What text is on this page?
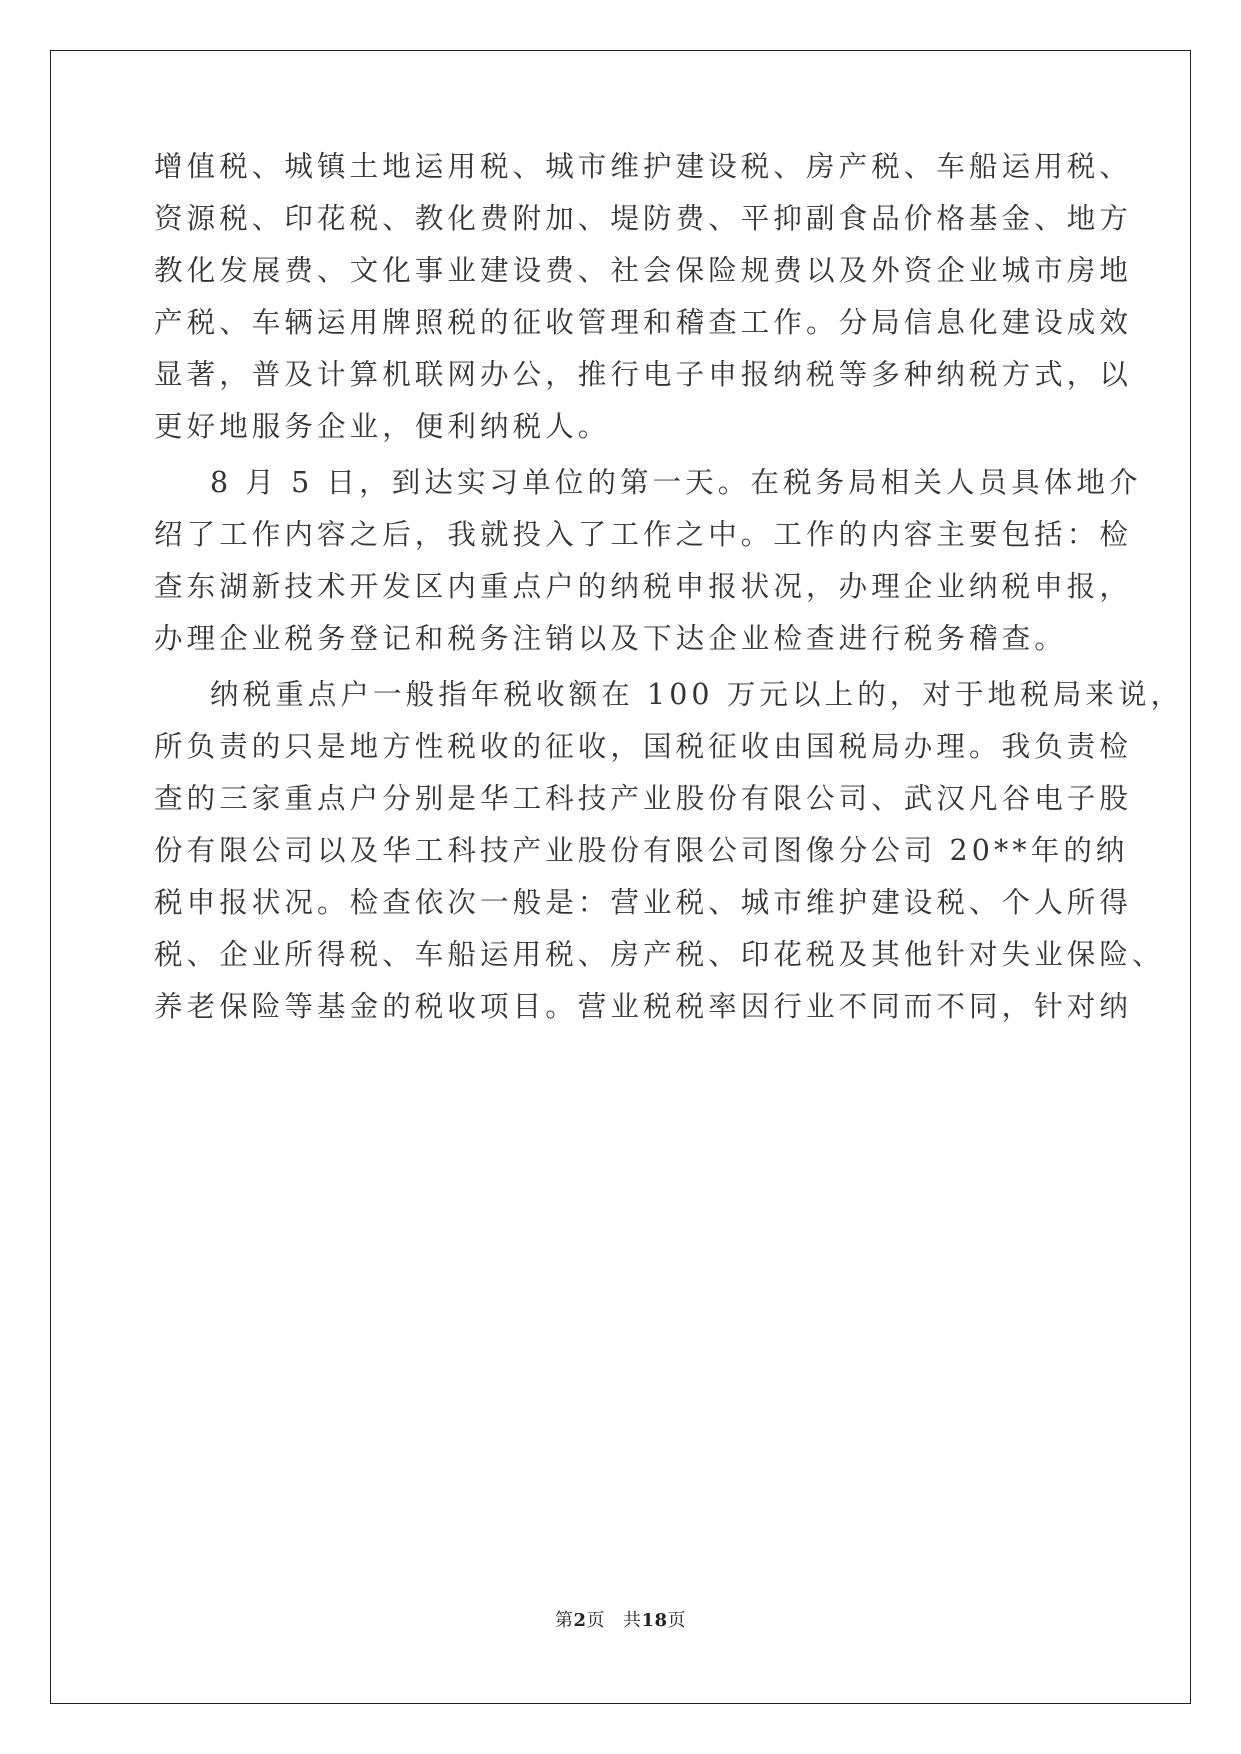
增值税、城镇土地运用税、城市维护建设税、房产税、车船运用税、
资源税、印花税、教化费附加、堤防费、平抑副食品价格基金、地方
教化发展费、文化事业建设费、社会保险规费以及外资企业城市房地
产税、车辆运用牌照税的征收管理和稽查工作。分局信息化建设成效
显著，普及计算机联网办公，推行电子申报纳税等多种纳税方式，以
更好地服务企业，便利纳税人。
8 月 5 日，到达实习单位的第一天。在税务局相关人员具体地介
绍了工作内容之后，我就投入了工作之中。工作的内容主要包括：检
查东湖新技术开发区内重点户的纳税申报状况，办理企业纳税申报，
办理企业税务登记和税务注销以及下达企业检查进行税务稽查。
纳税重点户一般指年税收额在 100 万元以上的，对于地税局来说，
所负责的只是地方性税收的征收，国税征收由国税局办理。我负责检
查的三家重点户分别是华工科技产业股份有限公司、武汉凡谷电子股
份有限公司以及华工科技产业股份有限公司图像分公司 20**年的纳
税申报状况。检查依次一般是：营业税、城市维护建设税、个人所得
税、企业所得税、车船运用税、房产税、印花税及其他针对失业保险、
养老保险等基金的税收项目。营业税税率因行业不同而不同，针对纳
第2页 共18页
